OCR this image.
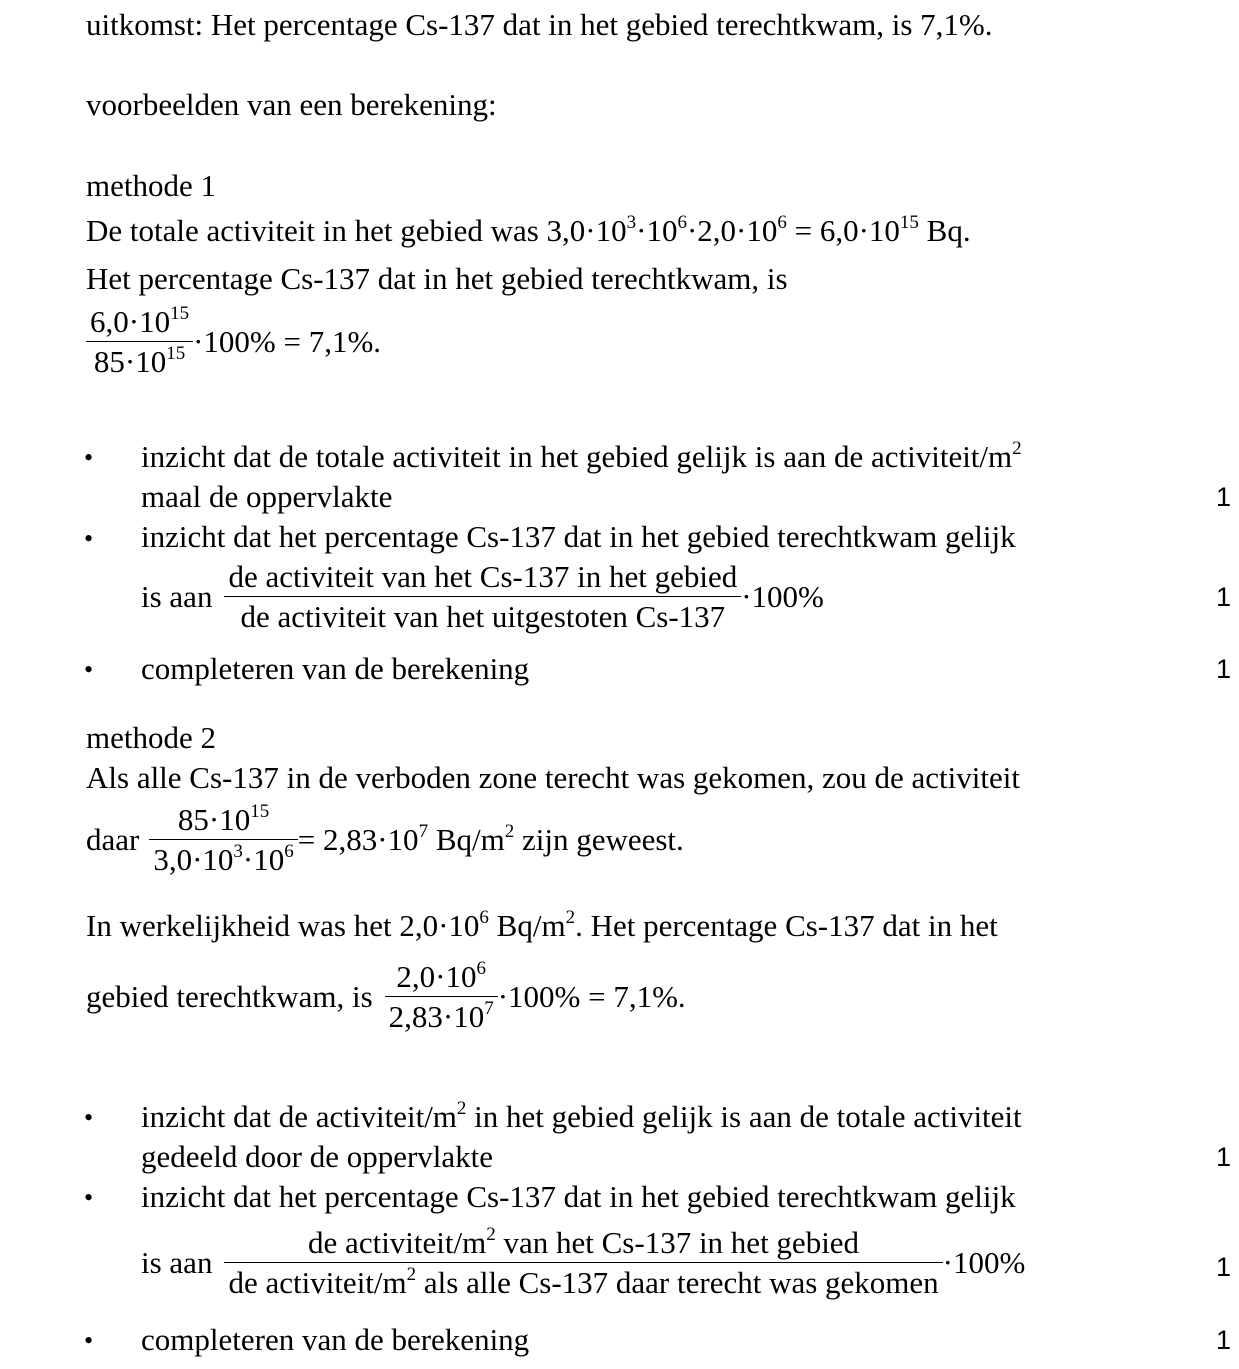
uitkomst: Het percentage Cs-137 dat in het gebied terechtkwam, is 7,1%.
voorbeelden van een berekening:
methode 1
De totale activiteit in het gebied was $3,0\cdot 10^3\cdot 10^6\cdot 2,0\cdot 10^6 = 6,0\cdot 10^{15}$ Bq.
Het percentage Cs-137 dat in het gebied terechtkwam, is
$\frac{6,0\cdot 10^{15}}{85\cdot 10^{15}} \cdot 100\% = 7,1\%$.
• inzicht dat de totale activiteit in het gebied gelijk is aan de activiteit/$m^2$
maal de oppervlakte	1
• inzicht dat het percentage Cs-137 dat in het gebied terechtkwam gelijk
is aan $\frac{\text{de activiteit van het Cs-137 in het gebied}}{\text{de activiteit van het uitgestoten Cs-137}} \cdot 100\%$	1
• completeren van de berekening	1
methode 2
Als alle Cs-137 in de verboden zone terecht was gekomen, zou de activiteit
daar $\frac{85\cdot 10^{15}}{3,0\cdot 10^3\cdot 10^6} = 2,83\cdot 10^7$ $Bq/m^2$ zijn geweest.
In werkelijkheid was het $2,0\cdot 10^6$ $Bq/m^2$. Het percentage Cs-137 dat in het
gebied terechtkwam, is $\frac{2,0\cdot 10^6}{2,83\cdot 10^7} \cdot 100\% = 7,1\%$.
• inzicht dat de activiteit/$m^2$ in het gebied gelijk is aan de totale activiteit
gedeeld door de oppervlakte	1
• inzicht dat het percentage Cs-137 dat in het gebied terechtkwam gelijk
is aan $\frac{de activiteit/m^2 van het Cs-137 in het gebied}{de activiteit/m^2 als alle Cs-137 daar terecht was gekomen} \cdot 100\%$	1
• completeren van de berekening	1
